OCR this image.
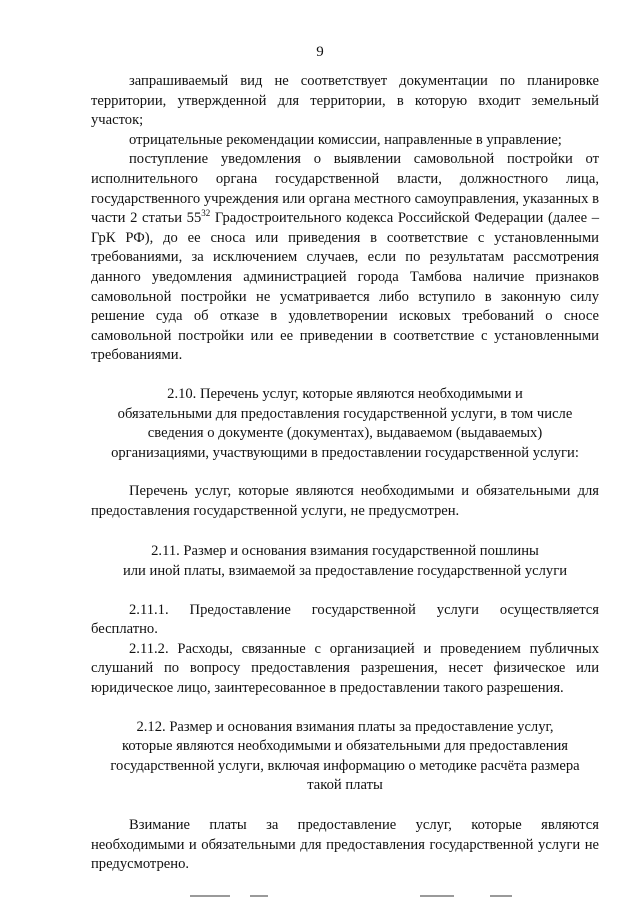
9

запрашиваемый вид не соответствует документации по планировке территории, утвержденной для территории, в которую входит земельный участок;

отрицательные рекомендации комиссии, направленные в управление;

поступление уведомления о выявлении самовольной постройки от исполнительного органа государственной власти, должностного лица, государственного учреждения или органа местного самоуправления, указанных в части 2 статьи $55^{32}$ Градостроительного кодекса Российской Федерации (далее – ГрК РФ), до ее сноса или приведения в соответствие с установленными требованиями, за исключением случаев, если по результатам рассмотрения данного уведомления администрацией города Тамбова наличие признаков самовольной постройки не усматривается либо вступило в законную силу решение суда об отказе в удовлетворении исковых требований о сносе самовольной постройки или ее приведении в соответствие с установленными требованиями.

2.10. Перечень услуг, которые являются необходимыми и

обязательными для предоставления государственной услуги, в том числе

сведения о документе (документах), выдаваемом (выдаваемых)

организациями, участвующими в предоставлении государственной услуги:

Перечень услуг, которые являются необходимыми и обязательными для предоставления государственной услуги, не предусмотрен.

2.11. Размер и основания взимания государственной пошлины

или иной платы, взимаемой за предоставление государственной услуги

2.11.1. Предоставление государственной услуги осуществляется бесплатно.

2.11.2. Расходы, связанные с организацией и проведением публичных слушаний по вопросу предоставления разрешения, несет физическое или юридическое лицо, заинтересованное в предоставлении такого разрешения.

2.12. Размер и основания взимания платы за предоставление услуг,

которые являются необходимыми и обязательными для предоставления

государственной услуги, включая информацию о методике расчёта размера

такой платы

Взимание платы за предоставление услуг, которые являются необходимыми и обязательными для предоставления государственной услуги не предусмотрено.
